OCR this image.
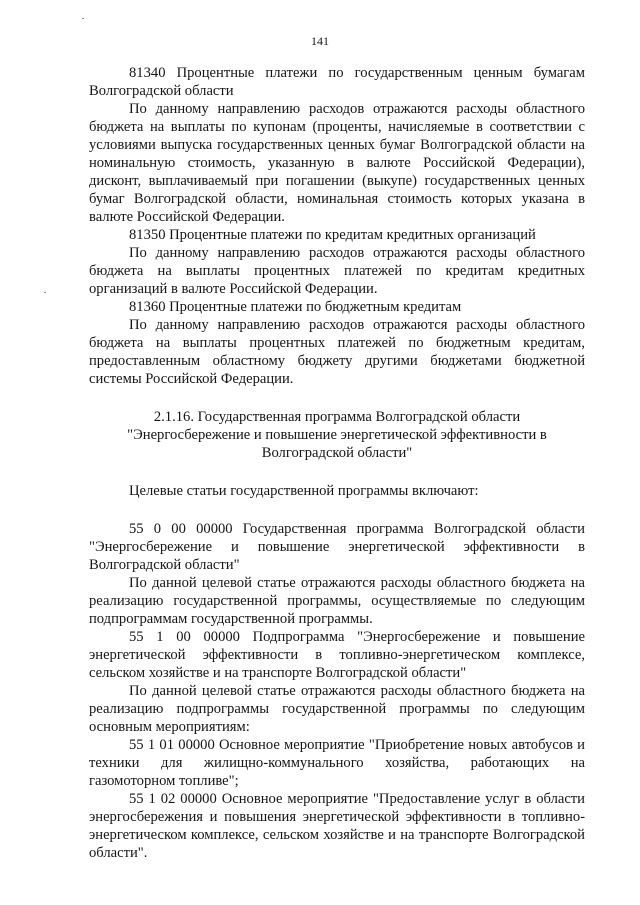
141

81340 Процентные платежи по государственным ценным бумагам Волгоградской области

По данному направлению расходов отражаются расходы областного бюджета на выплаты по купонам (проценты, начисляемые в соответствии с условиями выпуска государственных ценных бумаг Волгоградской области на номинальную стоимость, указанную в валюте Российской Федерации), дисконт, выплачиваемый при погашении (выкупе) государственных ценных бумаг Волгоградской области, номинальная стоимость которых указана в валюте Российской Федерации.

81350 Процентные платежи по кредитам кредитных организаций

По данному направлению расходов отражаются расходы областного бюджета на выплаты процентных платежей по кредитам кредитных организаций в валюте Российской Федерации.

81360 Процентные платежи по бюджетным кредитам

По данному направлению расходов отражаются расходы областного бюджета на выплаты процентных платежей по бюджетным кредитам, предоставленным областному бюджету другими бюджетами бюджетной системы Российской Федерации.

2.1.16. Государственная программа Волгоградской области
"Энергосбережение и повышение энергетической эффективности в
Волгоградской области"

Целевые статьи государственной программы включают:

55 0 00 00000 Государственная программа Волгоградской области "Энергосбережение и повышение энергетической эффективности в Волгоградской области"

По данной целевой статье отражаются расходы областного бюджета на реализацию государственной программы, осуществляемые по следующим подпрограммам государственной программы.

55 1 00 00000 Подпрограмма "Энергосбережение и повышение энергетической эффективности в топливно-энергетическом комплексе, сельском хозяйстве и на транспорте Волгоградской области"

По данной целевой статье отражаются расходы областного бюджета на реализацию подпрограммы государственной программы по следующим основным мероприятиям:

55 1 01 00000 Основное мероприятие "Приобретение новых автобусов и техники для жилищно-коммунального хозяйства, работающих на газомоторном топливе";

55 1 02 00000 Основное мероприятие "Предоставление услуг в области энергосбережения и повышения энергетической эффективности в топливно-энергетическом комплексе, сельском хозяйстве и на транспорте Волгоградской области".
